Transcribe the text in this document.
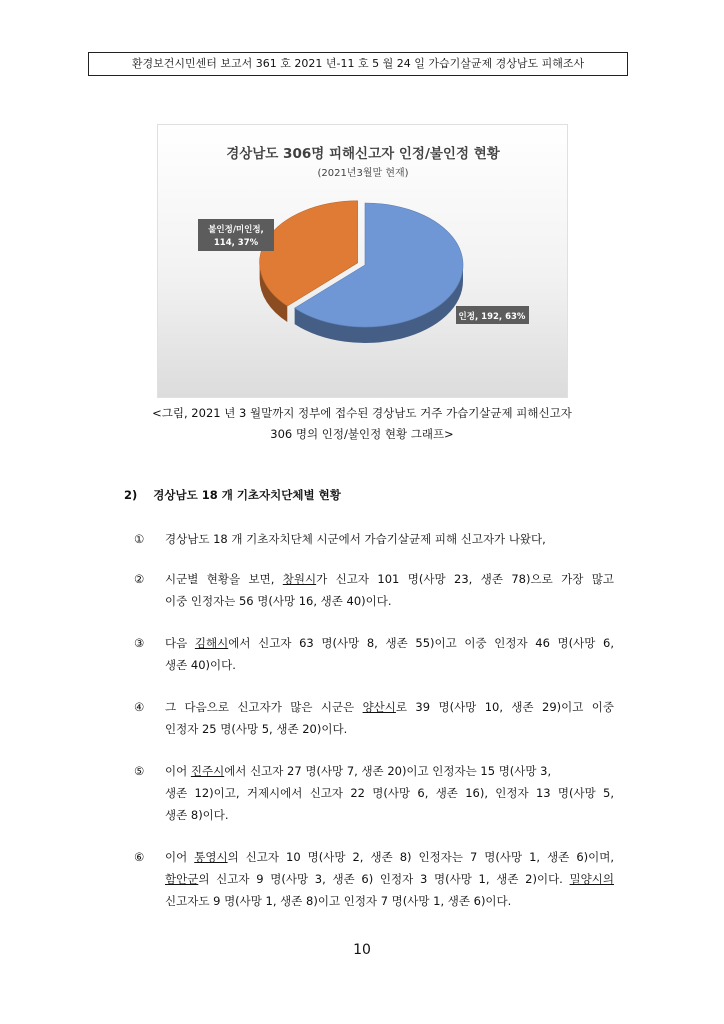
환경보건시민센터 보고서 361 호 2021 년-11 호 5 월 24 일 가습기살균제 경상남도 피해조사
경상남도 306명 피해신고자 인정/불인정 현황
(2021년3월말 현재)
불인정/미인정,
114, 37%
인정, 192, 63%
<그림, 2021 년 3 월말까지 정부에 접수된 경상남도 거주 가습기살균제 피해신고자
306 명의 인정/불인정 현황 그래프>
2) 경상남도 18 개 기초자치단체별 현황
①	경상남도 18 개 기초자치단체 시군에서 가습기살균제 피해 신고자가 나왔다,
②	시군별 현황을 보면, 창원시가 신고자 101 명(사망 23, 생존 78)으로 가장 많고
이중 인정자는 56 명(사망 16, 생존 40)이다.
③	다음 김해시에서 신고자 63 명(사망 8, 생존 55)이고 이중 인정자 46 명(사망 6,
생존 40)이다.
④	그 다음으로 신고자가 많은 시군은 양산시로 39 명(사망 10, 생존 29)이고 이중
인정자 25 명(사망 5, 생존 20)이다.
⑤	이어 진주시에서 신고자 27 명(사망 7, 생존 20)이고 인정자는 15 명(사망 3,
생존 12)이고, 거제시에서 신고자 22 명(사망 6, 생존 16), 인정자 13 명(사망 5,
생존 8)이다.
⑥	이어 통영시의 신고자 10 명(사망 2, 생존 8) 인정자는 7 명(사망 1, 생존 6)이며,
함안군의 신고자 9 명(사망 3, 생존 6) 인정자 3 명(사망 1, 생존 2)이다. 밀양시의
신고자도 9 명(사망 1, 생존 8)이고 인정자 7 명(사망 1, 생존 6)이다.
10
